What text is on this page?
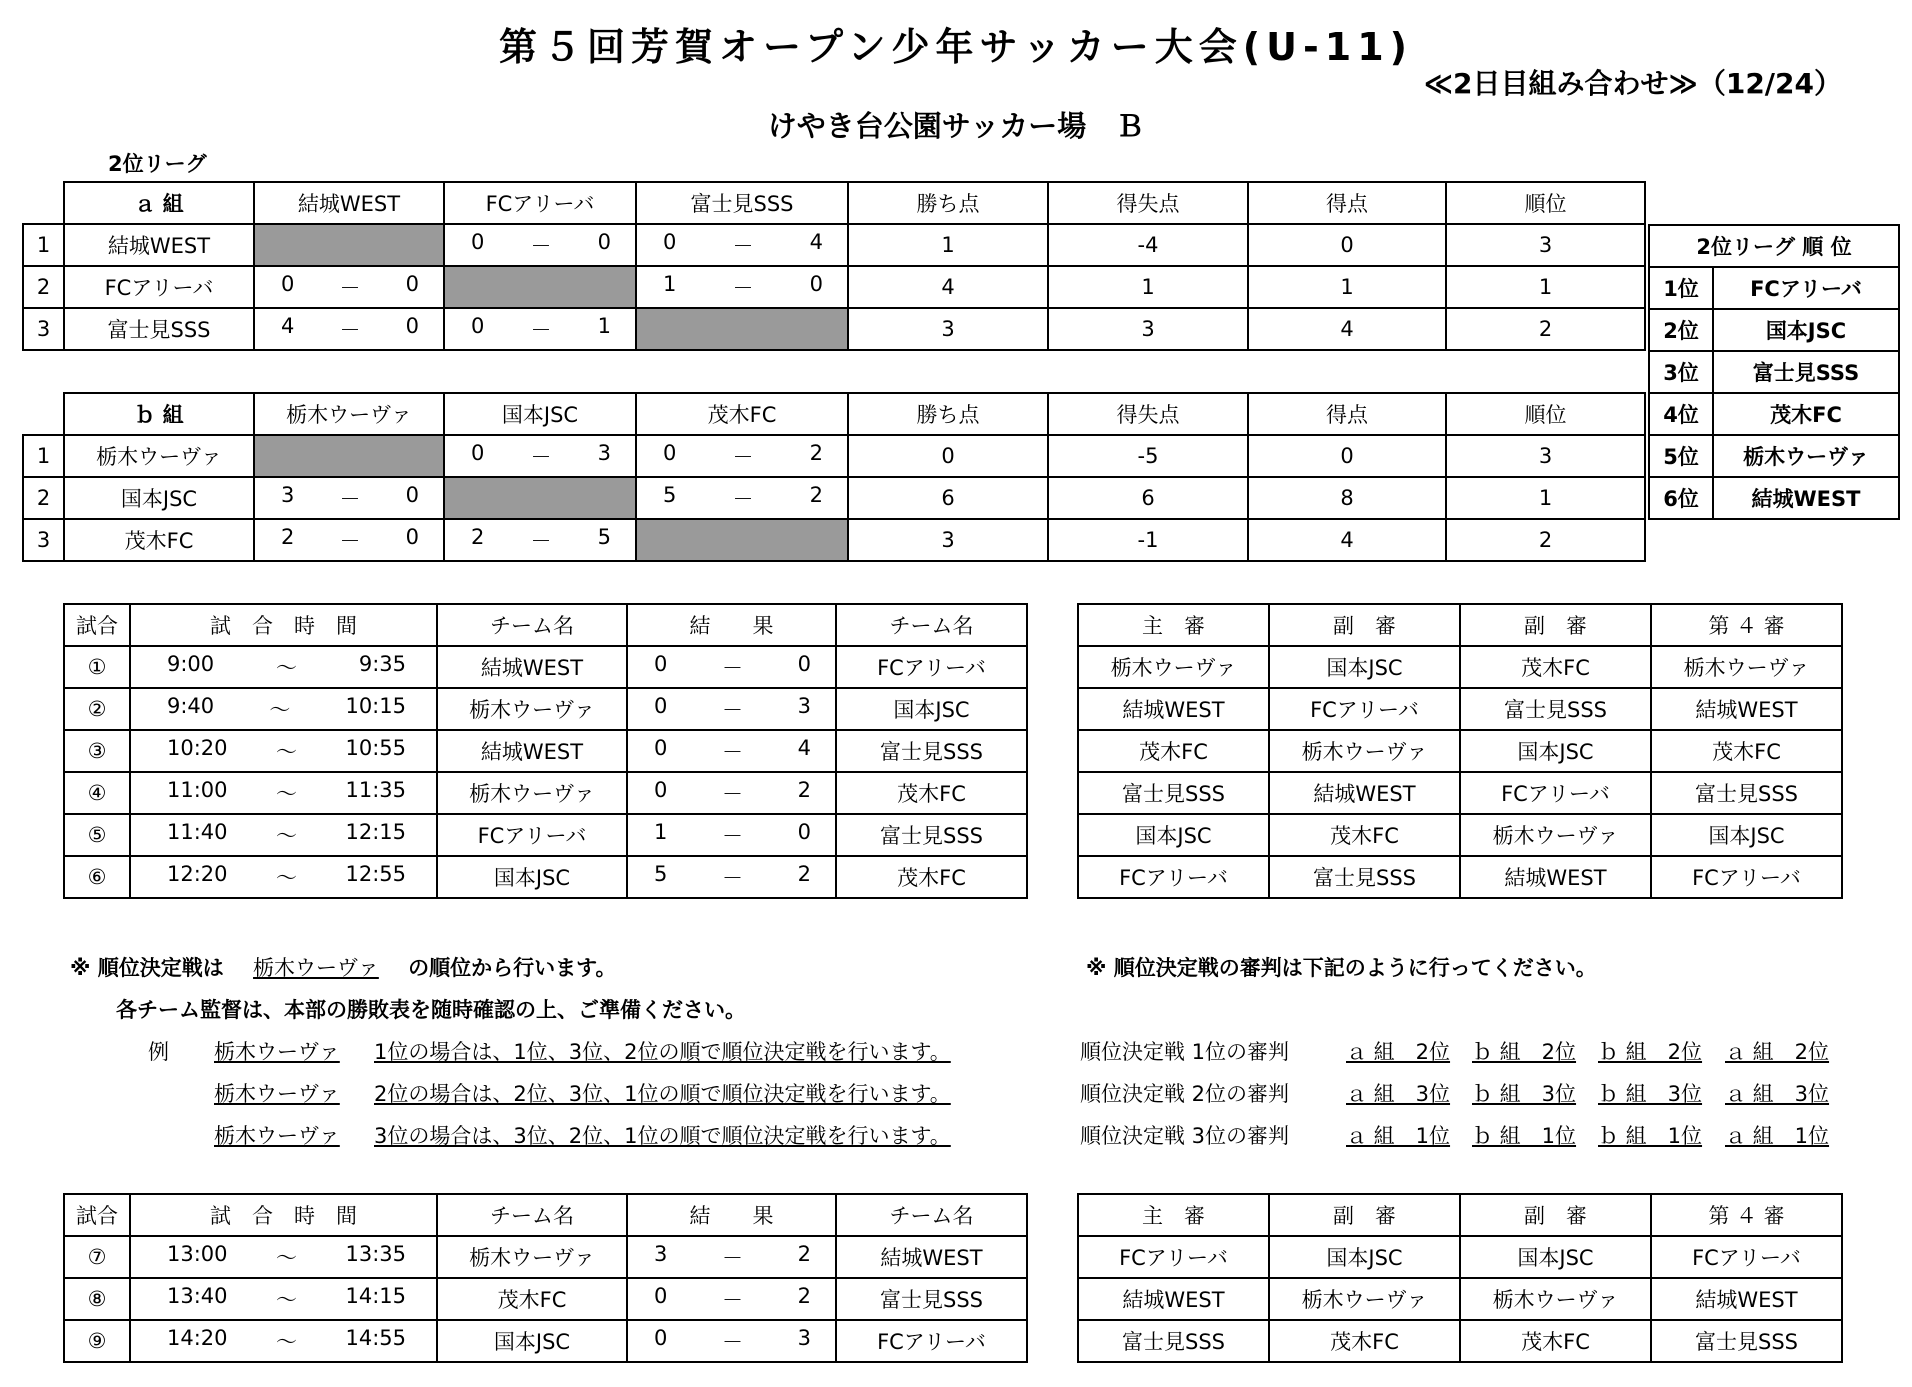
第５回芳賀オープン少年サッカー大会(U-11)
≪2日目組み合わせ≫（12/24）
けやき台公園サッカー場　Ｂ
2位リーグ
	ａ 組	結城WEST	FCアリーバ	富士見SSS	勝ち点	得失点	得点	順位
1	結城WEST		0 － 0	0 － 4	1	-4	0	3
2	FCアリーバ	0 － 0		1 － 0	4	1	1	1
3	富士見SSS	4 － 0	0 － 1		3	3	4	2
	ｂ 組	栃木ウーヴァ	国本JSC	茂木FC	勝ち点	得失点	得点	順位
1	栃木ウーヴァ		0 － 3	0 － 2	0	-5	0	3
2	国本JSC	3 － 0		5 － 2	6	6	8	1
3	茂木FC	2 － 0	2 － 5		3	-1	4	2
2位リーグ 順 位	
1位	FCアリーバ
2位	国本JSC
3位	富士見SSS
4位	茂木FC
5位	栃木ウーヴァ
6位	結城WEST
試合	試　合　時　間	チーム名	結　　果	チーム名
①	9:00 ～ 9:35	結城WEST	0 － 0	FCアリーバ
②	9:40 ～ 10:15	栃木ウーヴァ	0 － 3	国本JSC
③	10:20 ～ 10:55	結城WEST	0 － 4	富士見SSS
④	11:00 ～ 11:35	栃木ウーヴァ	0 － 2	茂木FC
⑤	11:40 ～ 12:15	FCアリーバ	1 － 0	富士見SSS
⑥	12:20 ～ 12:55	国本JSC	5 － 2	茂木FC
主　審	副　審	副　審	第 ４ 審
栃木ウーヴァ	国本JSC	茂木FC	栃木ウーヴァ
結城WEST	FCアリーバ	富士見SSS	結城WEST
茂木FC	栃木ウーヴァ	国本JSC	茂木FC
富士見SSS	結城WEST	FCアリーバ	富士見SSS
国本JSC	茂木FC	栃木ウーヴァ	国本JSC
FCアリーバ	富士見SSS	結城WEST	FCアリーバ
※ 順位決定戦は 栃木ウーヴァ の順位から行います。
各チーム監督は、本部の勝敗表を随時確認の上、ご準備ください。
例 栃木ウーヴァ 1位の場合は、1位、3位、2位の順で順位決定戦を行います。
栃木ウーヴァ 2位の場合は、2位、3位、1位の順で順位決定戦を行います。
栃木ウーヴァ 3位の場合は、3位、2位、1位の順で順位決定戦を行います。
※ 順位決定戦の審判は下記のように行ってください。
順位決定戦 1位の審判	ａ 組　2位 ｂ 組　2位 ｂ 組　2位 ａ 組　2位
順位決定戦 2位の審判	ａ 組　3位 ｂ 組　3位 ｂ 組　3位 ａ 組　3位
順位決定戦 3位の審判	ａ 組　1位 ｂ 組　1位 ｂ 組　1位 ａ 組　1位
試合	試　合　時　間	チーム名	結　　果	チーム名
⑦	13:00 ～ 13:35	栃木ウーヴァ	3 － 2	結城WEST
⑧	13:40 ～ 14:15	茂木FC	0 － 2	富士見SSS
⑨	14:20 ～ 14:55	国本JSC	0 － 3	FCアリーバ
主　審	副　審	副　審	第 ４ 審
FCアリーバ	国本JSC	国本JSC	FCアリーバ
結城WEST	栃木ウーヴァ	栃木ウーヴァ	結城WEST
富士見SSS	茂木FC	茂木FC	富士見SSS
